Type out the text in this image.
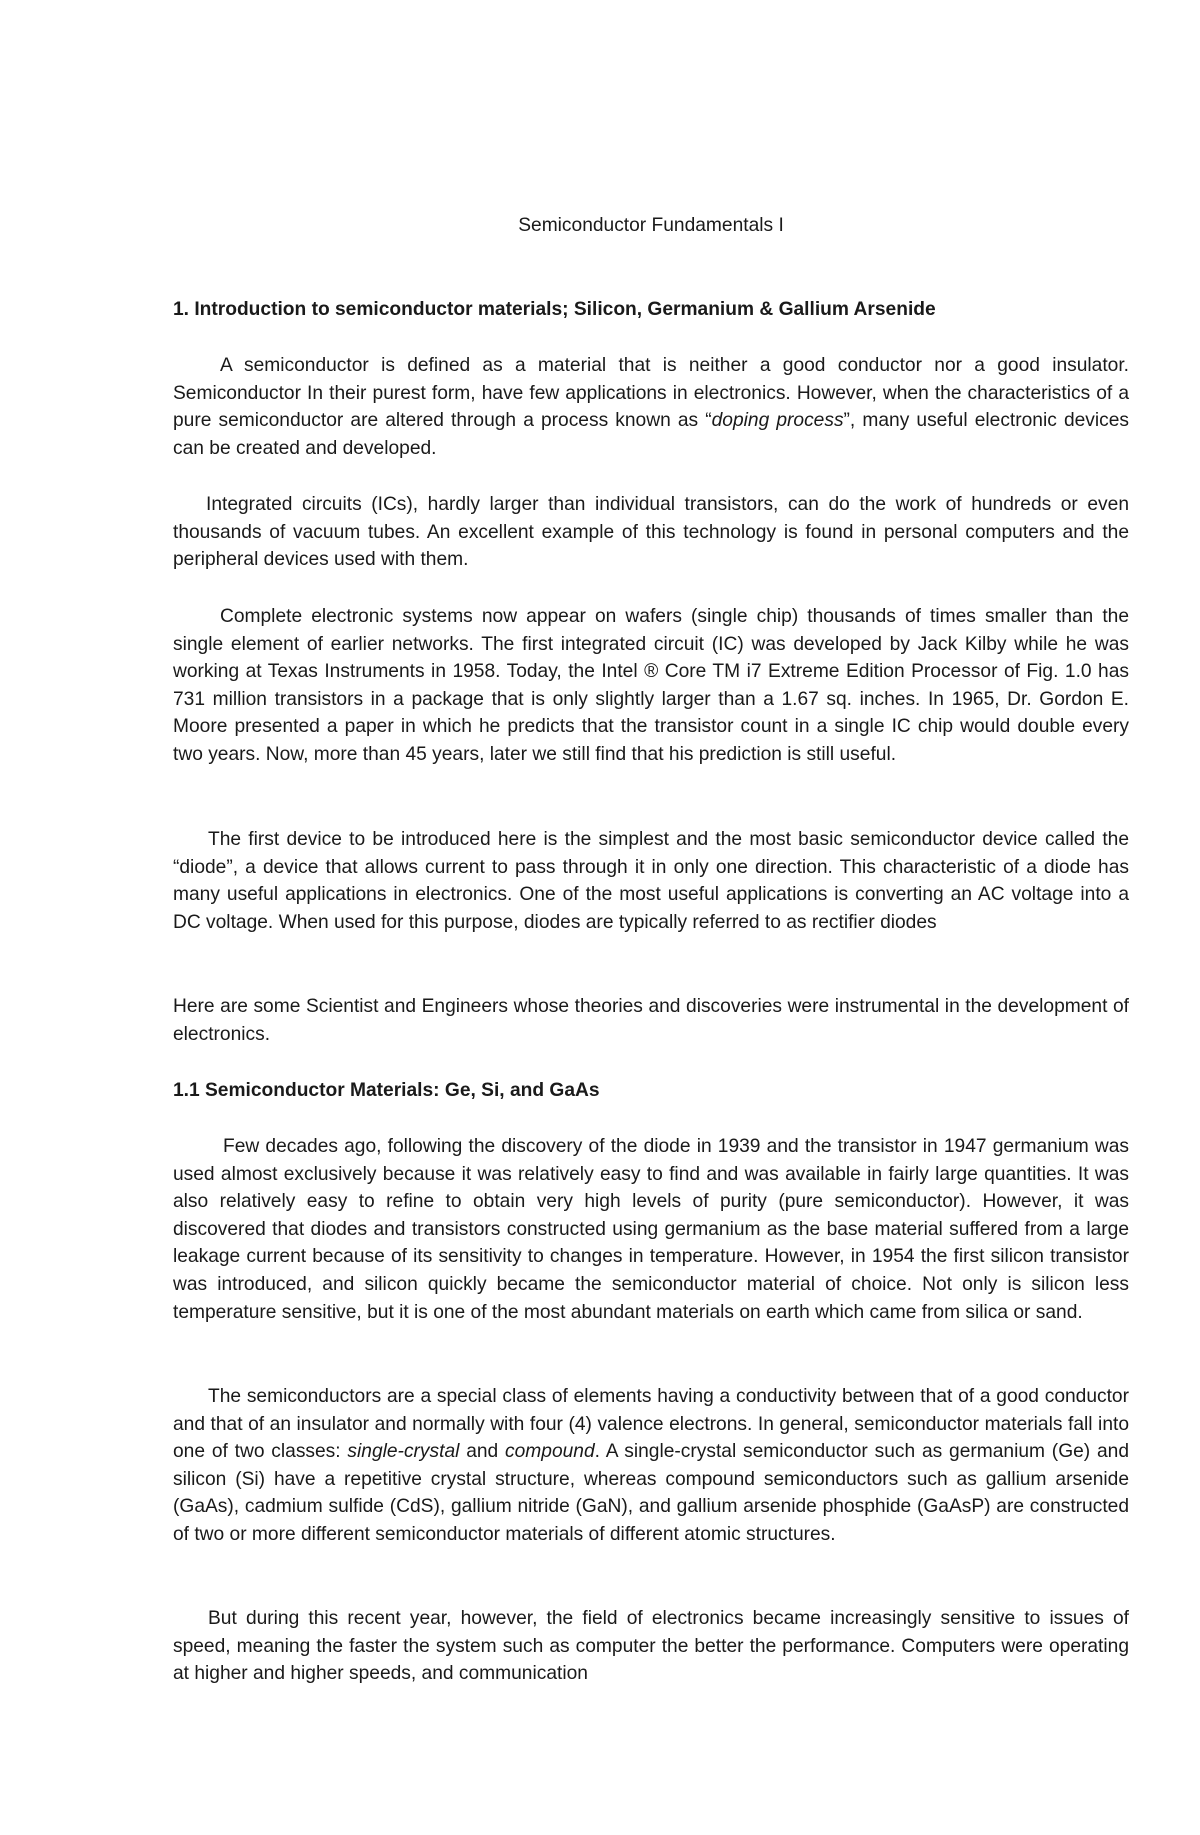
Semiconductor Fundamentals I
1. Introduction to semiconductor materials; Silicon, Germanium & Gallium Arsenide

A semiconductor is defined as a material that is neither a good conductor nor a good insulator. Semiconductor In their purest form, have few applications in electronics. However, when the characteristics of a pure semiconductor are altered through a process known as “doping process”, many useful electronic devices can be created and developed.

Integrated circuits (ICs), hardly larger than individual transistors, can do the work of hundreds or even thousands of vacuum tubes. An excellent example of this technology is found in personal computers and the peripheral devices used with them.

Complete electronic systems now appear on wafers (single chip) thousands of times smaller than the single element of earlier networks. The first integrated circuit (IC) was developed by Jack Kilby while he was working at Texas Instruments in 1958. Today, the Intel ® Core TM i7 Extreme Edition Processor of Fig. 1.0 has 731 million transistors in a package that is only slightly larger than a 1.67 sq. inches. In 1965, Dr. Gordon E. Moore presented a paper in which he predicts that the transistor count in a single IC chip would double every two years. Now, more than 45 years, later we still find that his prediction is still useful.

The first device to be introduced here is the simplest and the most basic semiconductor device called the “diode”, a device that allows current to pass through it in only one direction. This characteristic of a diode has many useful applications in electronics. One of the most useful applications is converting an AC voltage into a DC voltage. When used for this purpose, diodes are typically referred to as rectifier diodes

Here are some Scientist and Engineers whose theories and discoveries were instrumental in the development of electronics.

1.1 Semiconductor Materials: Ge, Si, and GaAs

Few decades ago, following the discovery of the diode in 1939 and the transistor in 1947 germanium was used almost exclusively because it was relatively easy to find and was available in fairly large quantities. It was also relatively easy to refine to obtain very high levels of purity (pure semiconductor). However, it was discovered that diodes and transistors constructed using germanium as the base material suffered from a large leakage current because of its sensitivity to changes in temperature. However, in 1954 the first silicon transistor was introduced, and silicon quickly became the semiconductor material of choice. Not only is silicon less temperature sensitive, but it is one of the most abundant materials on earth which came from silica or sand.

The semiconductors are a special class of elements having a conductivity between that of a good conductor and that of an insulator and normally with four (4) valence electrons. In general, semiconductor materials fall into one of two classes: single-crystal and compound. A single-crystal semiconductor such as germanium (Ge) and silicon (Si) have a repetitive crystal structure, whereas compound semiconductors such as gallium arsenide (GaAs), cadmium sulfide (CdS), gallium nitride (GaN), and gallium arsenide phosphide (GaAsP) are constructed of two or more different semiconductor materials of different atomic structures.

But during this recent year, however, the field of electronics became increasingly sensitive to issues of speed, meaning the faster the system such as computer the better the performance. Computers were operating at higher and higher speeds, and communication
